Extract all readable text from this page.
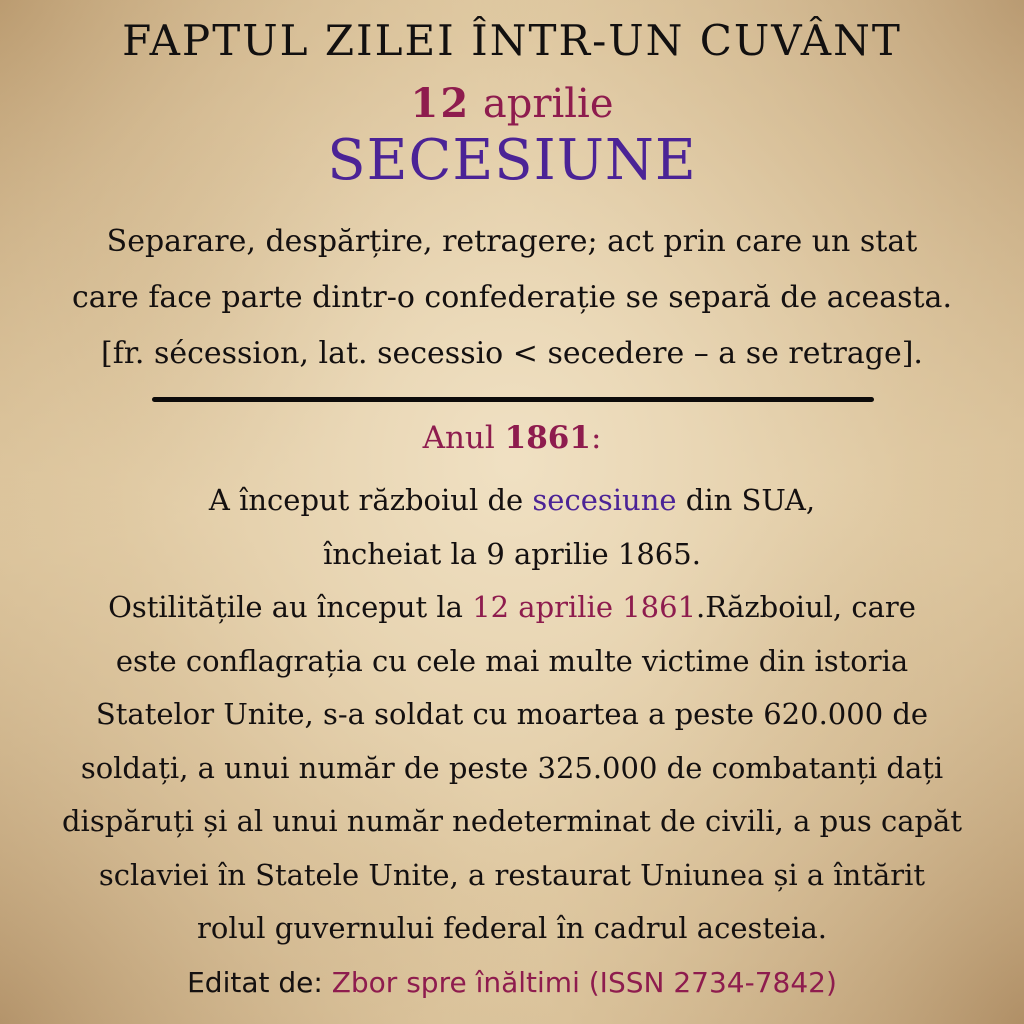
FAPTUL ZILEI ÎNTR-UN CUVÂNT
12 aprilie
SECESIUNE
Separare, despărțire, retragere; act prin care un stat
care face parte dintr-o confederație se separă de aceasta.
[fr. sécession, lat. secessio < secedere – a se retrage].
Anul 1861:
A început războiul de secesiune din SUA,
încheiat la 9 aprilie 1865.
Ostilitățile au început la 12 aprilie 1861.Războiul, care
este conflagrația cu cele mai multe victime din istoria
Statelor Unite, s-a soldat cu moartea a peste 620.000 de
soldați, a unui număr de peste 325.000 de combatanți dați
dispăruți și al unui număr nedeterminat de civili, a pus capăt
sclaviei în Statele Unite, a restaurat Uniunea și a întărit
rolul guvernului federal în cadrul acesteia.
Editat de: Zbor spre înăltimi (ISSN 2734-7842)
